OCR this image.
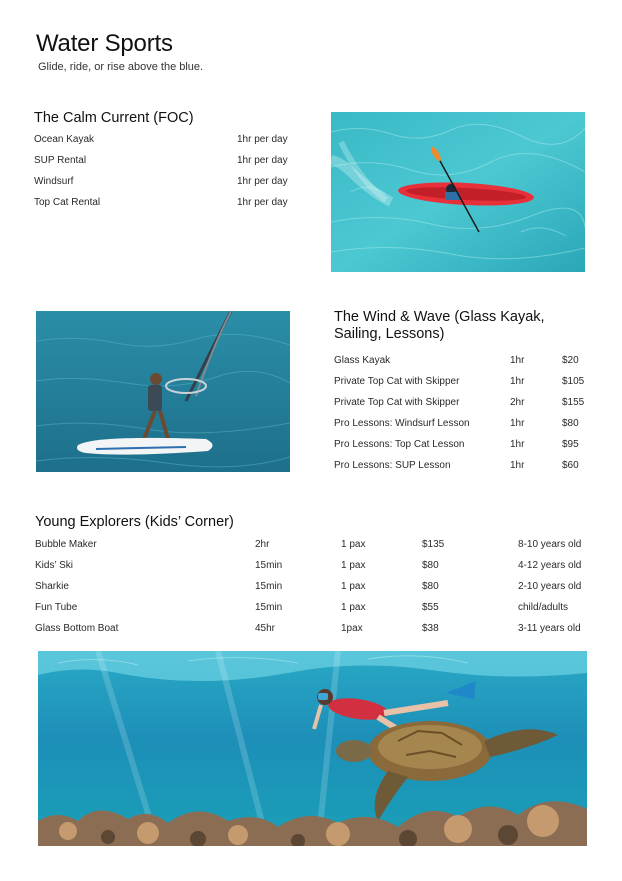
Water Sports
Glide, ride, or rise above the blue.
The Calm Current (FOC)
Ocean Kayak	1hr per day
SUP Rental	1hr per day
Windsurf	1hr per day
Top Cat Rental	1hr per day
The Wind & Wave (Glass Kayak,
Sailing, Lessons)
Glass Kayak	1hr	$20
Private Top Cat with Skipper	1hr	$105
Private Top Cat with Skipper	2hr	$155
Pro Lessons: Windsurf Lesson	1hr	$80
Pro Lessons: Top Cat Lesson	1hr	$95
Pro Lessons: SUP Lesson	1hr	$60
Young Explorers (Kids’ Corner)
Bubble Maker	2hr	1 pax	$135	8-10 years old
Kids’ Ski	15min	1 pax	$80	4-12 years old
Sharkie	15min	1 pax	$80	2-10 years old
Fun Tube	15min	1 pax	$55	child/adults
Glass Bottom Boat	45hr	1pax	$38	3-11 years old
